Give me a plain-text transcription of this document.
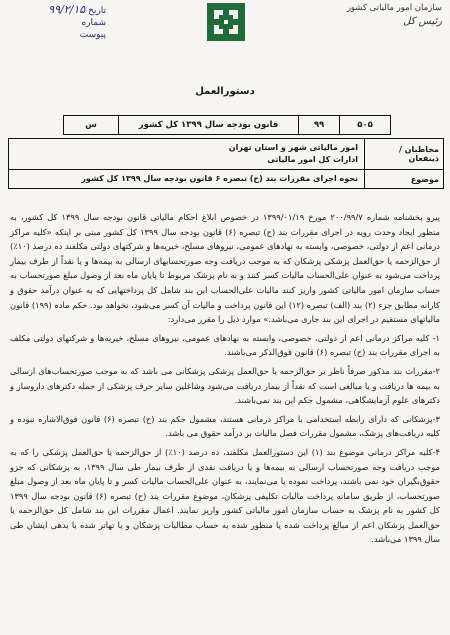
تاریخ ۹۹/۲/۱۵
شماره
پیوست
سازمان امور مالیاتی کشور
رئیس کل
دستورالعمل
۵۰۵
۹۹
قانون بودجه سال ۱۳۹۹ کل کشور
س
مخاطبان / ذینفعان
امور مالیاتی شهر و استان تهران
ادارات کل امور مالیاتی
موضوع
نحوه اجرای مقررات بند (ح) تبصره ۶ قانون بودجه سال ۱۳۹۹ کل کشور

پیرو بخشنامه شماره ۲۰۰/۹۹/۷ مورخ ۱۳۹۹/۰۱/۱۹ در خصوص ابلاغ احکام مالیاتی قانون بودجه سال ۱۳۹۹ کل کشور، به منظور ایجاد وحدت رویه در اجرای مقررات بند (ح) تبصره (۶) قانون بودجه سال ۱۳۹۹ کل کشور مبنی بر اینکه «کلیه مراکز درمانی اعم از دولتی، خصوصی، وابسته به نهادهای عمومی، نیروهای مسلح، خیریه‌ها و شرکتهای دولتی مکلفند ده درصد (۱۰٪) از حق‌الزحمه یا حق‌العمل پزشکی پزشکان که به موجب دریافت وجه صورتحسابهای ارسالی به بیمه‌ها و یا نقداً از طرف بیمار پرداخت می‌شود به عنوان علی‌الحساب مالیات کسر کنند و به نام پزشک مربوط تا پایان ماه بعد از وصول مبلغ صورتحساب به حساب سازمان امور مالیاتی کشور واریز کنند مالیات علی‌الحساب این بند شامل کل پرداختهایی که به عنوان درآمد حقوق و کارانه مطابق جزء (۲) بند (الف) تبصره (۱۲) این قانون پرداخت و مالیات آن کسر می‌شود، نخواهد بود. حکم ماده (۱۹۹) قانون مالیاتهای مستقیم در اجرای این بند جاری می‌باشد.» موارد ذیل را مقرر می‌دارد:

۱- کلیه مراکز درمانی اعم از دولتی، خصوصی، وابسته به نهادهای عمومی، نیروهای مسلح، خیریه‌ها و شرکتهای دولتی مکلف به اجرای مقررات بند (ح) تبصره (۶) قانون فوق‌الذکر می‌باشند.

۲-مقررات بند مذکور صرفاً ناظر بر حق‌الزحمه یا حق‌العمل پزشکی پزشکانی می باشد که به موجب صورتحساب‌های ارسالی به بیمه ها دریافت و یا مبالغی است که نقداً از بیمار دریافت می‌شود وشاغلین سایر حرف پزشکی از جمله دکترهای داروساز و دکترهای علوم آزمایشگاهی، مشمول حکم این بند نمی‌باشند.

۳-پزشکانی که دارای رابطه استخدامی با مراکز درمانی هستند، مشمول حکم بند (ح) تبصره (۶) قانون فوق‌الاشاره نبوده و کلیه دریافت‌های پزشک، مشمول مقررات فصل مالیات بر درآمد حقوق می باشد.

۴-کلیه مراکز درمانی موضوع بند (۱) این دستورالعمل مکلفند، ده درصد (۱۰٪) از حق‌الزحمه یا حق‌العمل پزشکی را که به موجب دریافت وجه صورتحساب ارسالی به بیمه‌ها و یا دریافت نقدی از طرف بیمار طی سال ۱۳۹۹، به پزشکانی که جزو حقوق‌بگیران خود نمی باشند، پرداخت نموده یا می‌نمایند، به عنوان علی‌الحساب مالیات کسر و تا پایان ماه بعد از وصول مبلغ صورتحساب، از طریق سامانه پرداخت مالیات تکلیفی پزشکان، موضوع مقررات بند (ح) تبصره (۶) قانون بودجه سال ۱۳۹۹ کل کشور به نام پزشک به حساب سازمان امور مالیاتی کشور واریز نمایند. اعمال مقررات این بند شامل کل حق‌الزحمه یا حق‌العمل پزشکان اعم از مبالغ پرداخت شده یا منظور شده به حساب مطالبات پزشکان و یا تهاتر شده با بدهی ایشان طی سال ۱۳۹۹ می‌باشد.
